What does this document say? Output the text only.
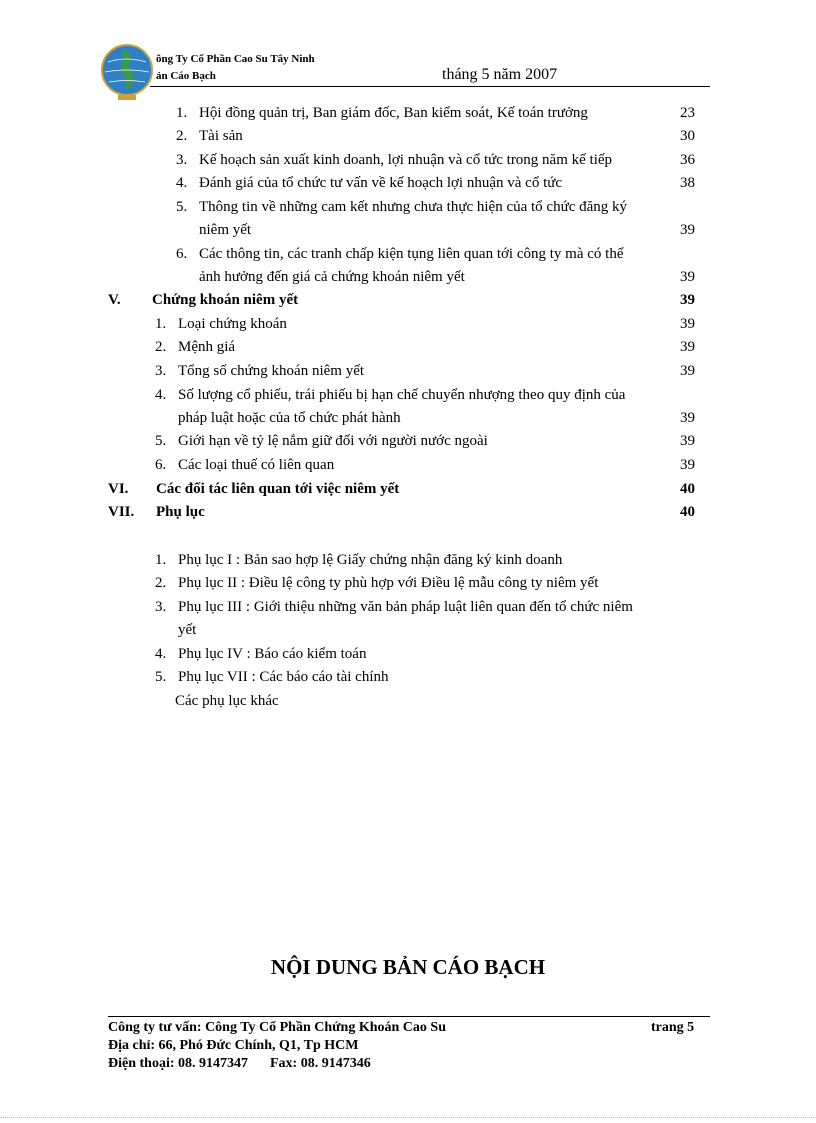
ông Ty Cổ Phần Cao Su Tây Ninh
ản Cáo Bạch	tháng 5 năm 2007
1. Hội đồng quản trị, Ban giám đốc, Ban kiểm soát, Kế toán trưởng	23
2. Tài sản	30
3. Kế hoạch sản xuất kinh doanh, lợi nhuận và cổ tức trong năm kế tiếp	36
4. Đánh giá của tổ chức tư vấn về kế hoạch lợi nhuận và cổ tức	38
5. Thông tin về những cam kết nhưng chưa thực hiện của tổ chức đăng ký
niêm yết	39
6. Các thông tin, các tranh chấp kiện tụng liên quan tới công ty mà có thể
ảnh hưởng đến giá cả chứng khoán niêm yết	39
V. Chứng khoán niêm yết	39
1. Loại chứng khoán	39
2. Mệnh giá	39
3. Tổng số chứng khoán niêm yết	39
4. Số lượng cổ phiếu, trái phiếu bị hạn chế chuyển nhượng theo quy định của
pháp luật hoặc của tổ chức phát hành	39
5. Giới hạn về tỷ lệ nắm giữ đối với người nước ngoài	39
6. Các loại thuế có liên quan	39
VI. Các đối tác liên quan tới việc niêm yết	40
VII. Phụ lục	40
1. Phụ lục I : Bản sao hợp lệ Giấy chứng nhận đăng ký kinh doanh
2. Phụ lục II : Điều lệ công ty phù hợp với Điều lệ mẫu công ty niêm yết
3. Phụ lục III : Giới thiệu những văn bản pháp luật liên quan đến tổ chức niêm
yết
4. Phụ lục IV : Báo cáo kiểm toán
5. Phụ lục VII : Các báo cáo tài chính
Các phụ lục khác
NỘI DUNG BẢN CÁO BẠCH
Công ty tư vấn: Công Ty Cổ Phần Chứng Khoán Cao Su	trang 5
Địa chỉ: 66, Phó Đức Chính, Q1, Tp HCM
Điện thoại: 08. 9147347 Fax: 08. 9147346
